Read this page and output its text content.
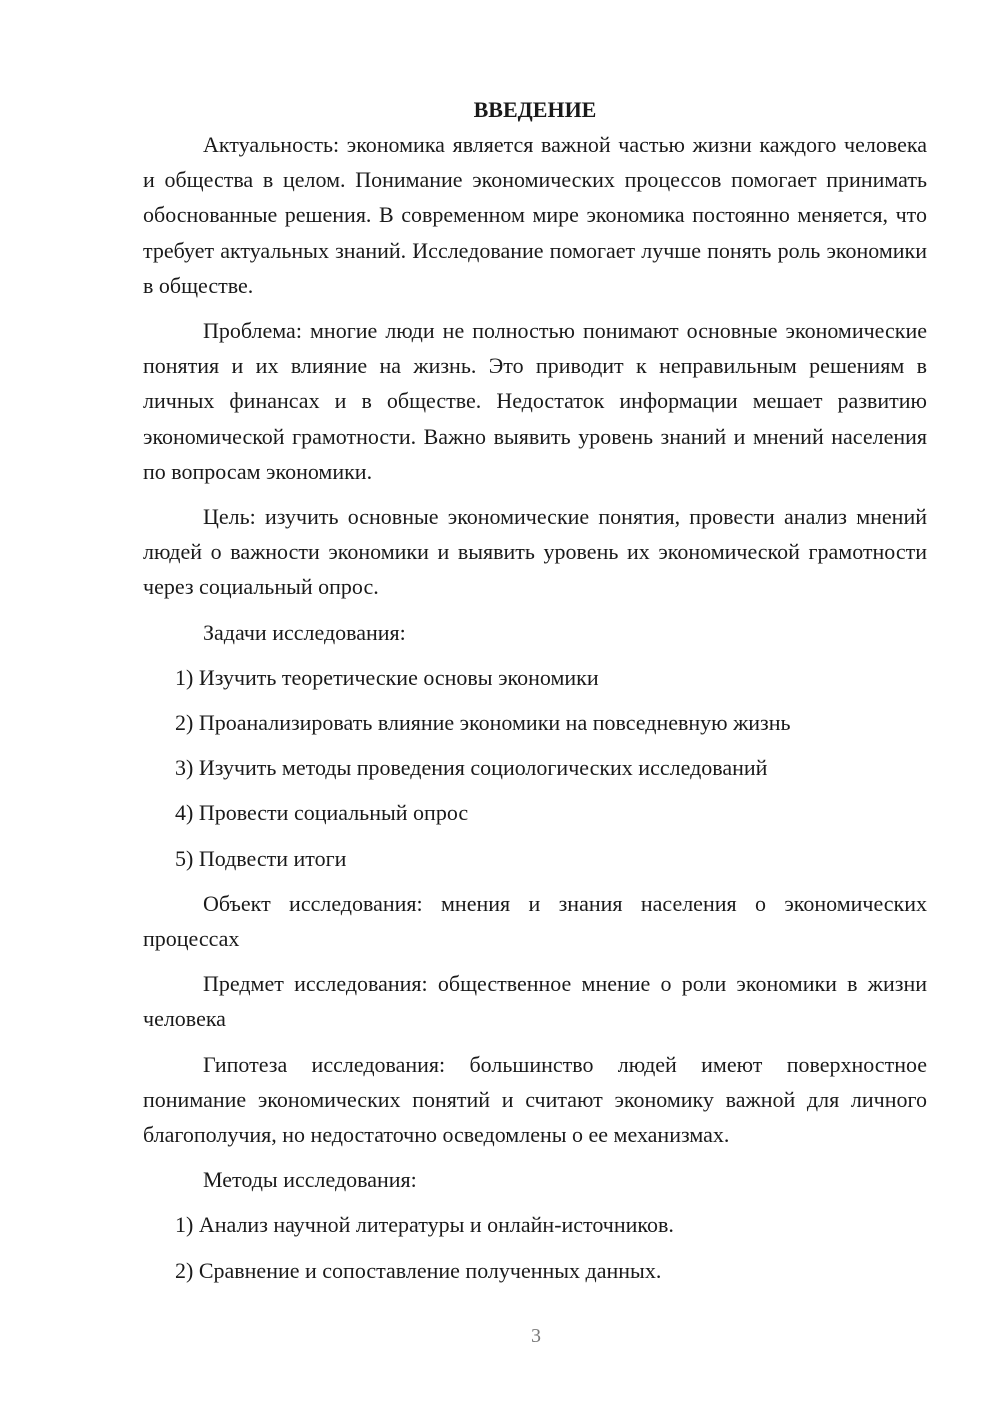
ВВЕДЕНИЕ

Актуальность: экономика является важной частью жизни каждого человека и общества в целом. Понимание экономических процессов помогает принимать обоснованные решения. В современном мире экономика постоянно меняется, что требует актуальных знаний. Исследование помогает лучше понять роль экономики в обществе.

Проблема: многие люди не полностью понимают основные экономические понятия и их влияние на жизнь. Это приводит к неправильным решениям в личных финансах и в обществе. Недостаток информации мешает развитию экономической грамотности. Важно выявить уровень знаний и мнений населения по вопросам экономики.

Цель: изучить основные экономические понятия, провести анализ мнений людей о важности экономики и выявить уровень их экономической грамотности через социальный опрос.

Задачи исследования:

1) Изучить теоретические основы экономики

2) Проанализировать влияние экономики на повседневную жизнь

3) Изучить методы проведения социологических исследований

4) Провести социальный опрос

5) Подвести итоги

Объект исследования: мнения и знания населения о экономических процессах

Предмет исследования: общественное мнение о роли экономики в жизни человека

Гипотеза исследования: большинство людей имеют поверхностное понимание экономических понятий и считают экономику важной для личного благополучия, но недостаточно осведомлены о ее механизмах.

Методы исследования:

1) Анализ научной литературы и онлайн-источников.

2) Сравнение и сопоставление полученных данных.

3
